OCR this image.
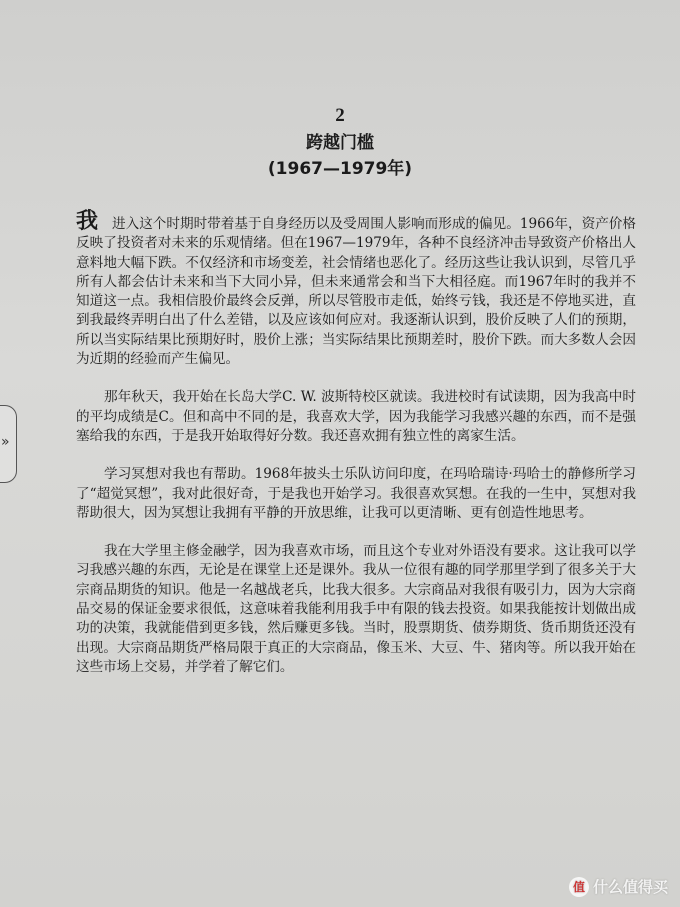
2
跨越门槛
(1967—1979年)

我 进入这个时期时带着基于自身经历以及受周围人影响而形成的偏见。1966年，资产价格反映了投资者对未来的乐观情绪。但在1967—1979年，各种不良经济冲击导致资产价格出人意料地大幅下跌。不仅经济和市场变差，社会情绪也恶化了。经历这些让我认识到，尽管几乎所有人都会估计未来和当下大同小异，但未来通常会和当下大相径庭。而1967年时的我并不知道这一点。我相信股价最终会反弹，所以尽管股市走低，始终亏钱，我还是不停地买进，直到我最终弄明白出了什么差错，以及应该如何应对。我逐渐认识到，股价反映了人们的预期，所以当实际结果比预期好时，股价上涨；当实际结果比预期差时，股价下跌。而大多数人会因为近期的经验而产生偏见。

那年秋天，我开始在长岛大学C. W. 波斯特校区就读。我进校时有试读期，因为我高中时的平均成绩是C。但和高中不同的是，我喜欢大学，因为我能学习我感兴趣的东西，而不是强塞给我的东西，于是我开始取得好分数。我还喜欢拥有独立性的离家生活。

学习冥想对我也有帮助。1968年披头士乐队访问印度，在玛哈瑞诗·玛哈士的静修所学习了“超觉冥想”，我对此很好奇，于是我也开始学习。我很喜欢冥想。在我的一生中，冥想对我帮助很大，因为冥想让我拥有平静的开放思维，让我可以更清晰、更有创造性地思考。

我在大学里主修金融学，因为我喜欢市场，而且这个专业对外语没有要求。这让我可以学习我感兴趣的东西，无论是在课堂上还是课外。我从一位很有趣的同学那里学到了很多关于大宗商品期货的知识。他是一名越战老兵，比我大很多。大宗商品对我很有吸引力，因为大宗商品交易的保证金要求很低，这意味着我能利用我手中有限的钱去投资。如果我能按计划做出成功的决策，我就能借到更多钱，然后赚更多钱。当时，股票期货、债券期货、货币期货还没有出现。大宗商品期货严格局限于真正的大宗商品，像玉米、大豆、牛、猪肉等。所以我开始在这些市场上交易，并学着了解它们。

»
值 什么值得买
